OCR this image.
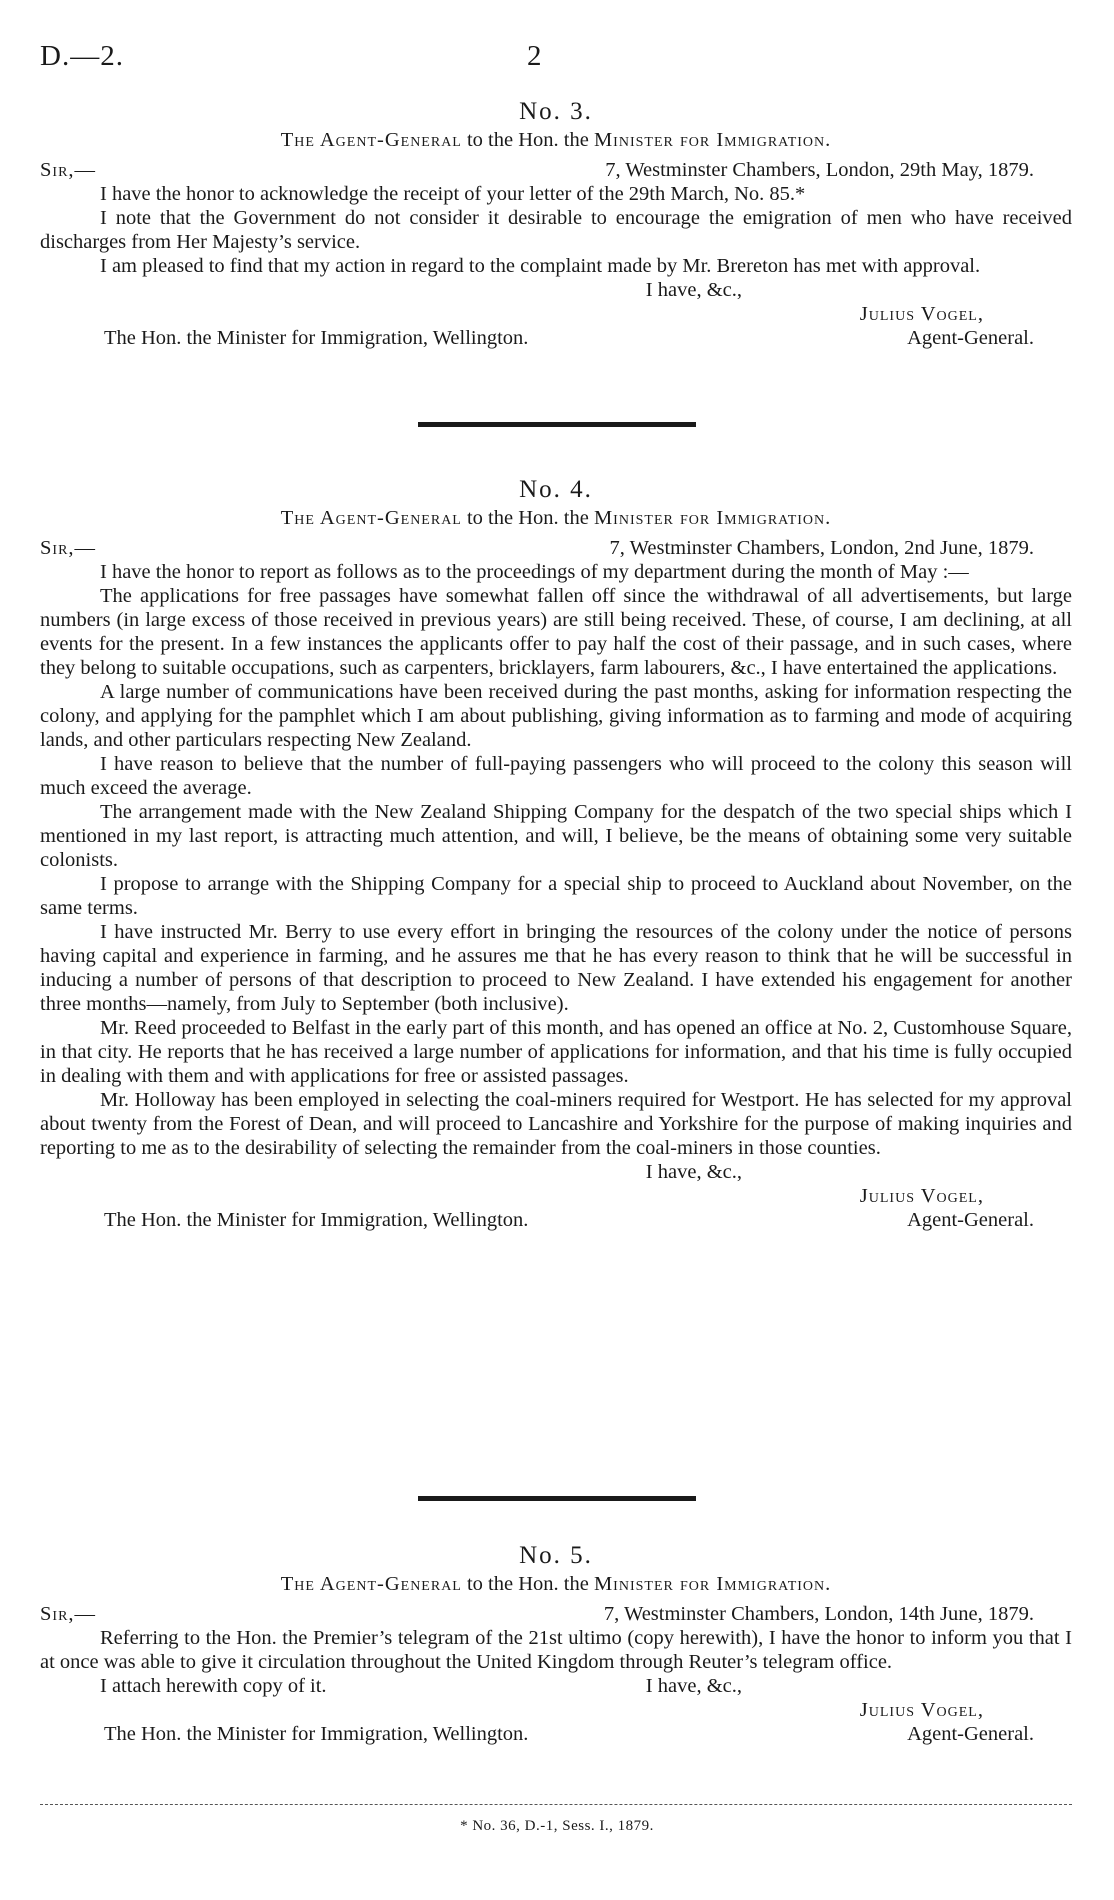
D.—2.	2
No. 3.
The Agent-General to the Hon. the Minister for Immigration.
Sir,—	7, Westminster Chambers, London, 29th May, 1879.

I have the honor to acknowledge the receipt of your letter of the 29th March, No. 85.*

I note that the Government do not consider it desirable to encourage the emigration of men who have received discharges from Her Majesty’s service.

I am pleased to find that my action in regard to the complaint made by Mr. Brereton has met with approval.

I have, &c.,
Julius Vogel,
The Hon. the Minister for Immigration, Wellington.	Agent-General.
No. 4.
The Agent-General to the Hon. the Minister for Immigration.
Sir,—	7, Westminster Chambers, London, 2nd June, 1879.

I have the honor to report as follows as to the proceedings of my department during the month of May :—

The applications for free passages have somewhat fallen off since the withdrawal of all advertisements, but large numbers (in large excess of those received in previous years) are still being received. These, of course, I am declining, at all events for the present. In a few instances the applicants offer to pay half the cost of their passage, and in such cases, where they belong to suitable occupations, such as carpenters, bricklayers, farm labourers, &c., I have entertained the applications.

A large number of communications have been received during the past months, asking for information respecting the colony, and applying for the pamphlet which I am about publishing, giving information as to farming and mode of acquiring lands, and other particulars respecting New Zealand.

I have reason to believe that the number of full-paying passengers who will proceed to the colony this season will much exceed the average.

The arrangement made with the New Zealand Shipping Company for the despatch of the two special ships which I mentioned in my last report, is attracting much attention, and will, I believe, be the means of obtaining some very suitable colonists.

I propose to arrange with the Shipping Company for a special ship to proceed to Auckland about November, on the same terms.

I have instructed Mr. Berry to use every effort in bringing the resources of the colony under the notice of persons having capital and experience in farming, and he assures me that he has every reason to think that he will be successful in inducing a number of persons of that description to proceed to New Zealand. I have extended his engagement for another three months—namely, from July to September (both inclusive).

Mr. Reed proceeded to Belfast in the early part of this month, and has opened an office at No. 2, Customhouse Square, in that city. He reports that he has received a large number of applications for information, and that his time is fully occupied in dealing with them and with applications for free or assisted passages.

Mr. Holloway has been employed in selecting the coal-miners required for Westport. He has selected for my approval about twenty from the Forest of Dean, and will proceed to Lancashire and Yorkshire for the purpose of making inquiries and reporting to me as to the desirability of selecting the remainder from the coal-miners in those counties.

I have, &c.,
Julius Vogel,
The Hon. the Minister for Immigration, Wellington.	Agent-General.
No. 5.
The Agent-General to the Hon. the Minister for Immigration.
Sir,—	7, Westminster Chambers, London, 14th June, 1879.

Referring to the Hon. the Premier’s telegram of the 21st ultimo (copy herewith), I have the honor to inform you that I at once was able to give it circulation throughout the United Kingdom through Reuter’s telegram office.

I attach herewith copy of it.	I have, &c.,
Julius Vogel,
The Hon. the Minister for Immigration, Wellington.	Agent-General.
* No. 36, D.-1, Sess. I., 1879.
